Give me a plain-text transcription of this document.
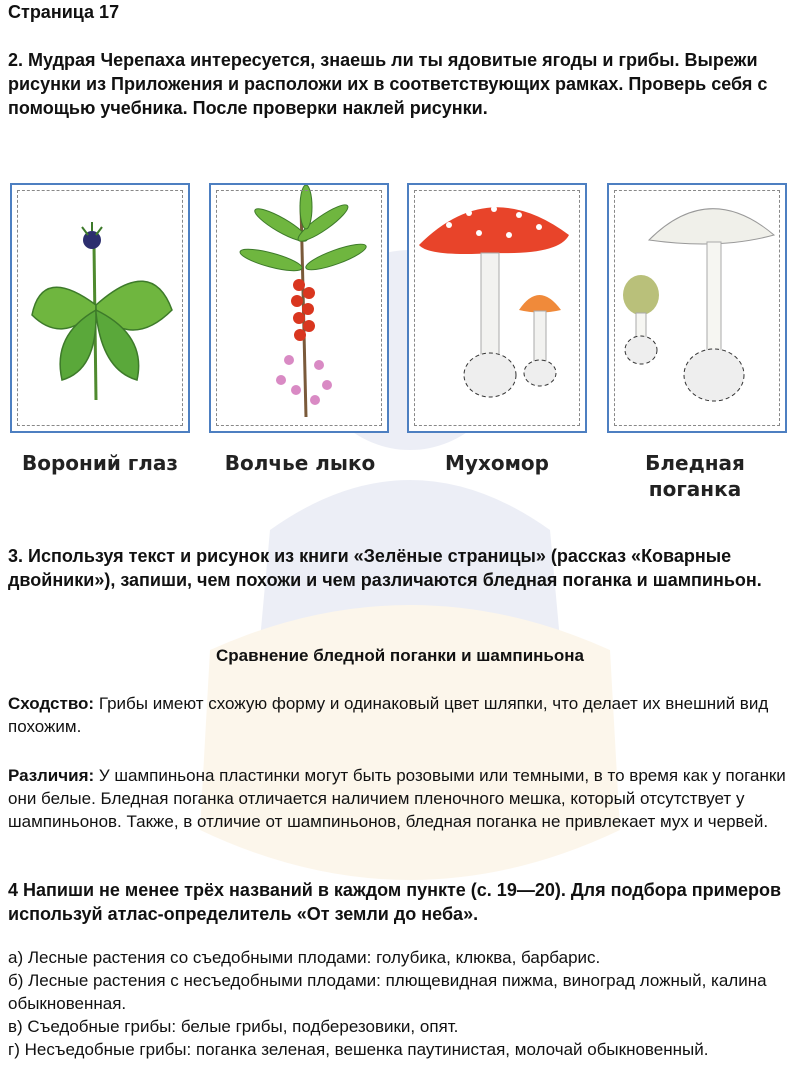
Страница 17
2. Мудрая Черепаха интересуется, знаешь ли ты ядовитые ягоды и грибы. Вырежи рисунки из Приложения и расположи их в соответствующих рамках. Проверь себя с помощью учебника. После проверки наклей рисунки.
Вороний глаз	Волчье лыко	Мухомор	Бледная поганка
3. Используя текст и рисунок из книги «Зелёные страницы» (рассказ «Коварные двойники»), запиши, чем похожи и чем различаются бледная поганка и шампиньон.
Сравнение бледной поганки и шампиньона
Сходство: Грибы имеют схожую форму и одинаковый цвет шляпки, что делает их внешний вид похожим.
Различия: У шампиньона пластинки могут быть розовыми или темными, в то время как у поганки они белые. Бледная поганка отличается наличием пленочного мешка, который отсутствует у шампиньонов. Также, в отличие от шампиньонов, бледная поганка не привлекает мух и червей.
4 Напиши не менее трёх названий в каждом пункте (с. 19—20). Для подбора примеров используй атлас-определитель «От земли до неба».
а) Лесные растения со съедобными плодами: голубика, клюква, барбарис.
б) Лесные растения с несъедобными плодами: плющевидная пижма, виноград ложный, калина обыкновенная.
в) Съедобные грибы: белые грибы, подберезовики, опят.
г) Несъедобные грибы: поганка зеленая, вешенка паутинистая, молочай обыкновенный.
